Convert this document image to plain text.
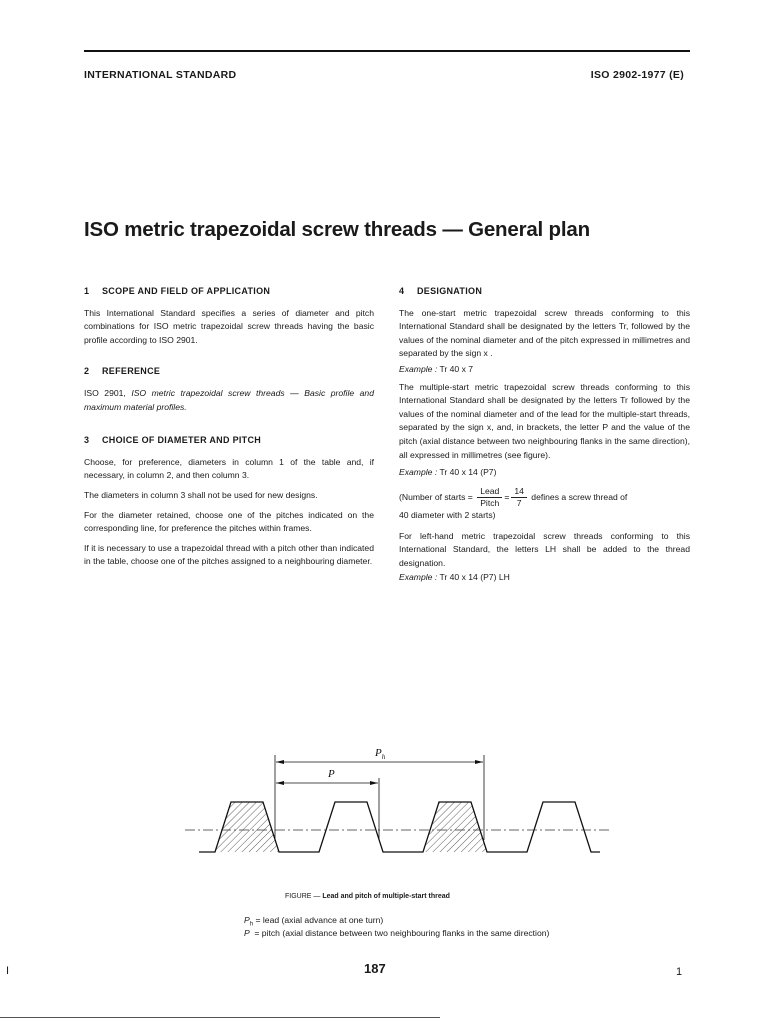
INTERNATIONAL STANDARD	ISO 2902-1977 (E)
ISO metric trapezoidal screw threads — General plan
1 SCOPE AND FIELD OF APPLICATION

This International Standard specifies a series of diameter and pitch combinations for ISO metric trapezoidal screw threads having the basic profile according to ISO 2901.

2 REFERENCE

ISO 2901, ISO metric trapezoidal screw threads — Basic profile and maximum material profiles.

3 CHOICE OF DIAMETER AND PITCH

Choose, for preference, diameters in column 1 of the table and, if necessary, in column 2, and then column 3.

The diameters in column 3 shall not be used for new designs.

For the diameter retained, choose one of the pitches indicated on the corresponding line, for preference the pitches within frames.

If it is necessary to use a trapezoidal thread with a pitch other than indicated in the table, choose one of the pitches assigned to a neighbouring diameter.

4 DESIGNATION

The one-start metric trapezoidal screw threads conforming to this International Standard shall be designated by the letters Tr, followed by the values of the nominal diameter and of the pitch expressed in millimetres and separated by the sign x .

Example : Tr 40 x 7

The multiple-start metric trapezoidal screw threads conforming to this International Standard shall be designated by the letters Tr followed by the values of the nominal diameter and of the lead for the multiple-start threads, separated by the sign x, and, in brackets, the letter P and the value of the pitch (axial distance between two neighbouring flanks in the same direction), all expressed in millimetres (see figure).

Example : Tr 40 x 14 (P7)

(Number of starts = $\frac{\text{Lead}}{\text{Pitch}} = \frac{14}{7}$ defines a screw thread of
40 diameter with 2 starts)

For left-hand metric trapezoidal screw threads conforming to this International Standard, the letters LH shall be added to the thread designation.

Example : Tr 40 x 14 (P7) LH

$P_h$
P
FIGURE — Lead and pitch of multiple-start thread
$P_h$ = lead (axial advance at one turn)
P = pitch (axial distance between two neighbouring flanks in the same direction)
187	1
I
